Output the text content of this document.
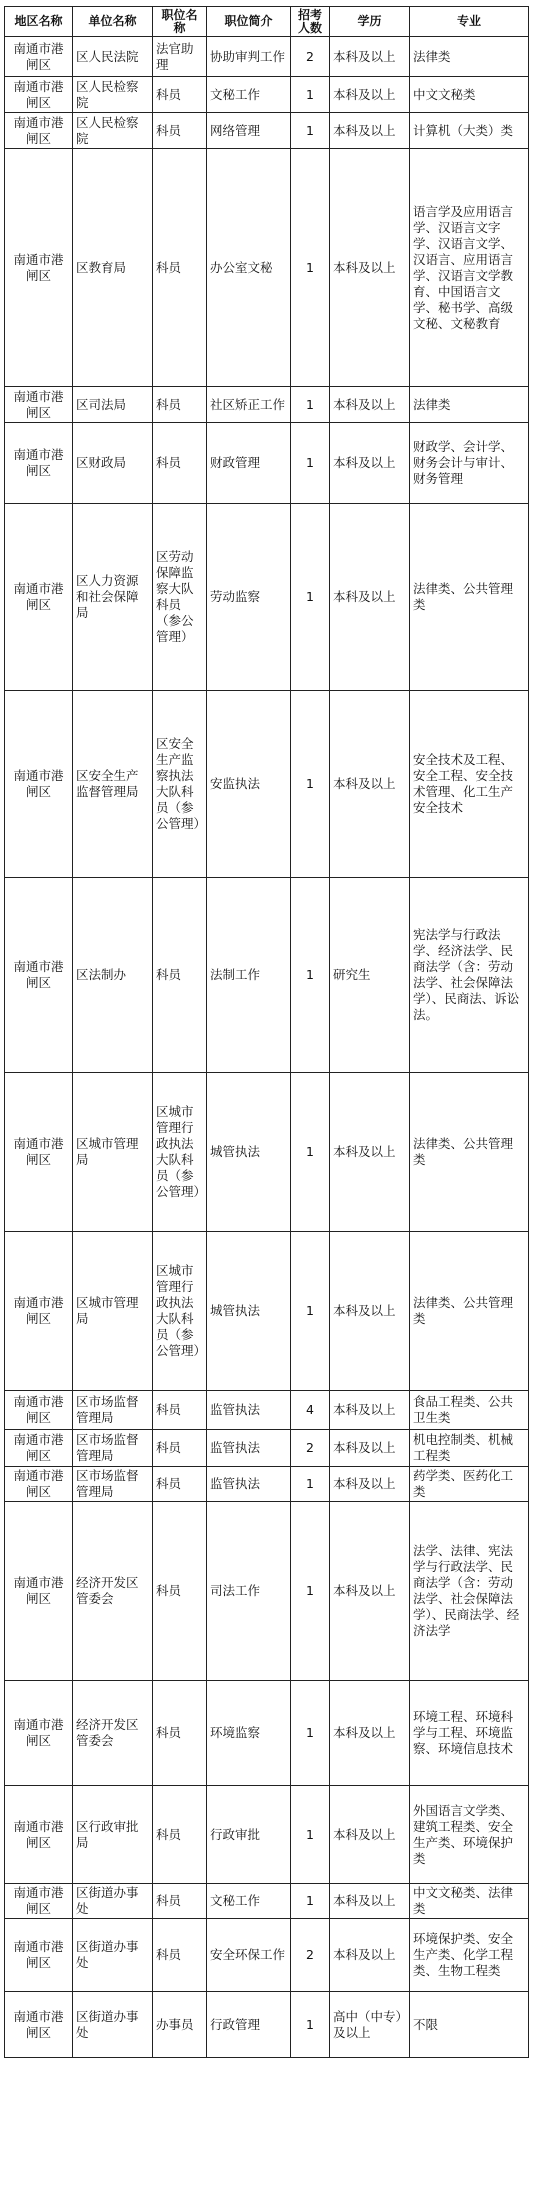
地区名称	单位名称	职位名称	职位简介	招考人数	学历	专业
南通市港闸区	区人民法院	法官助理	协助审判工作	2	本科及以上	法律类
南通市港闸区	区人民检察院	科员	文秘工作	1	本科及以上	中文文秘类
南通市港闸区	区人民检察院	科员	网络管理	1	本科及以上	计算机（大类）类
南通市港闸区	区教育局	科员	办公室文秘	1	本科及以上	语言学及应用语言学、汉语言文字学、汉语言文学、汉语言、应用语言学、汉语言文学教育、中国语言文学、秘书学、高级文秘、文秘教育
南通市港闸区	区司法局	科员	社区矫正工作	1	本科及以上	法律类
南通市港闸区	区财政局	科员	财政管理	1	本科及以上	财政学、会计学、财务会计与审计、财务管理
南通市港闸区	区人力资源和社会保障局	区劳动保障监察大队科员（参公管理）	劳动监察	1	本科及以上	法律类、公共管理类
南通市港闸区	区安全生产监督管理局	区安全生产监察执法大队科员（参公管理）	安监执法	1	本科及以上	安全技术及工程、安全工程、安全技术管理、化工生产安全技术
南通市港闸区	区法制办	科员	法制工作	1	研究生	宪法学与行政法学、经济法学、民商法学（含：劳动法学、社会保障法学）、民商法、诉讼法。
南通市港闸区	区城市管理局	区城市管理行政执法大队科员（参公管理）	城管执法	1	本科及以上	法律类、公共管理类
南通市港闸区	区城市管理局	区城市管理行政执法大队科员（参公管理）	城管执法	1	本科及以上	法律类、公共管理类
南通市港闸区	区市场监督管理局	科员	监管执法	4	本科及以上	食品工程类、公共卫生类
南通市港闸区	区市场监督管理局	科员	监管执法	2	本科及以上	机电控制类、机械工程类
南通市港闸区	区市场监督管理局	科员	监管执法	1	本科及以上	药学类、医药化工类
南通市港闸区	经济开发区管委会	科员	司法工作	1	本科及以上	法学、法律、宪法学与行政法学、民商法学（含：劳动法学、社会保障法学）、民商法学、经济法学
南通市港闸区	经济开发区管委会	科员	环境监察	1	本科及以上	环境工程、环境科学与工程、环境监察、环境信息技术
南通市港闸区	区行政审批局	科员	行政审批	1	本科及以上	外国语言文学类、建筑工程类、安全生产类、环境保护类
南通市港闸区	区街道办事处	科员	文秘工作	1	本科及以上	中文文秘类、法律类
南通市港闸区	区街道办事处	科员	安全环保工作	2	本科及以上	环境保护类、安全生产类、化学工程类、生物工程类
南通市港闸区	区街道办事处	办事员	行政管理	1	高中（中专）及以上	不限
